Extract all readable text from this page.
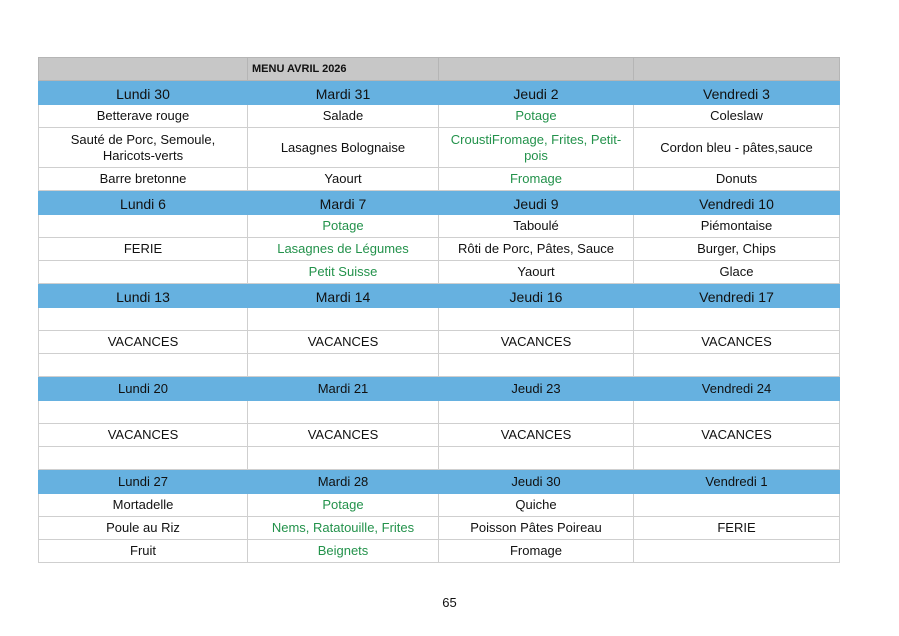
	MENU AVRIL 2026		
Lundi 30	Mardi 31	Jeudi 2	Vendredi 3
Betterave rouge	Salade	Potage	Coleslaw
Sauté de Porc, Semoule, Haricots-verts	Lasagnes Bolognaise	CroustiFromage, Frites, Petit-pois	Cordon bleu - pâtes,sauce
Barre bretonne	Yaourt	Fromage	Donuts
Lundi 6	Mardi 7	Jeudi 9	Vendredi 10
	Potage	Taboulé	Piémontaise
FERIE	Lasagnes de Légumes	Rôti de Porc, Pâtes, Sauce	Burger, Chips
	Petit Suisse	Yaourt	Glace
Lundi 13	Mardi 14	Jeudi 16	Vendredi 17

VACANCES	VACANCES	VACANCES	VACANCES

Lundi 20	Mardi 21	Jeudi 23	Vendredi 24

VACANCES	VACANCES	VACANCES	VACANCES

Lundi 27	Mardi 28	Jeudi 30	Vendredi 1
Mortadelle	Potage	Quiche	
Poule au Riz	Nems, Ratatouille, Frites	Poisson Pâtes Poireau	FERIE
Fruit	Beignets	Fromage	
65
